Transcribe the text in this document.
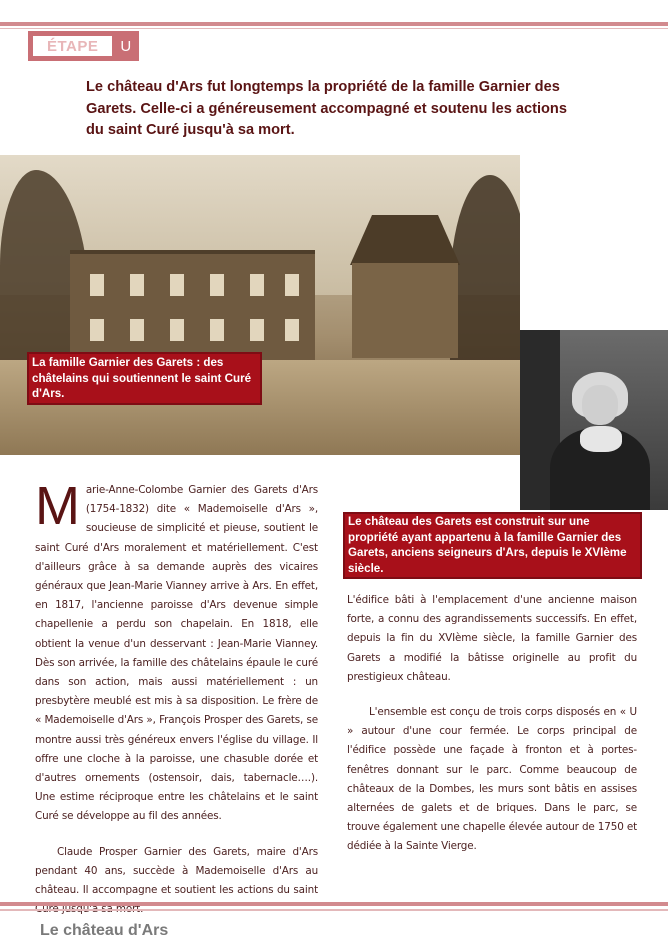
ÉTAPE	U

Le château d'Ars fut longtemps la propriété de la famille Garnier des Garets. Celle-ci a généreusement accompagné et soutenu les actions du saint Curé jusqu'à sa mort.

La famille Garnier des Garets : des châtelains qui soutiennent le saint Curé d'Ars.

Le château des Garets est construit sur une propriété ayant appartenu à la famille Garnier des Garets, anciens seigneurs d'Ars, depuis le XVIème siècle.

M arie-Anne-Colombe Garnier des Garets d'Ars (1754-1832) dite « Mademoiselle d'Ars », soucieuse de simplicité et pieuse, soutient le saint Curé d'Ars moralement et matériellement. C'est d'ailleurs grâce à sa demande auprès des vicaires généraux que Jean-Marie Vianney arrive à Ars. En effet, en 1817, l'ancienne paroisse d'Ars devenue simple chapellenie a perdu son chapelain. En 1818, elle obtient la venue d'un desservant : Jean-Marie Vianney. Dès son arrivée, la famille des châtelains épaule le curé dans son action, mais aussi matériellement : un presbytère meublé est mis à sa disposition. Le frère de « Mademoiselle d'Ars », François Prosper des Garets, se montre aussi très généreux envers l'église du village. Il offre une cloche à la paroisse, une chasuble dorée et d'autres ornements (ostensoir, dais, tabernacle….). Une estime réciproque entre les châtelains et le saint Curé se développe au fil des années.

Claude Prosper Garnier des Garets, maire d'Ars pendant 40 ans, succède à Mademoiselle d'Ars au château. Il accompagne et soutient les actions du saint

L'édifice bâti à l'emplacement d'une ancienne maison forte, a connu des agrandissements successifs. En effet, depuis la fin du XVIème siècle, la famille Garnier des Garets a modifié la bâtisse originelle au profit du prestigieux château.

L'ensemble est conçu de trois corps disposés en « U » autour d'une cour fermée. Le corps principal de l'édifice possède une façade à fronton et à portes-fenêtres donnant sur le parc. Comme beaucoup de châteaux de la Dombes, les murs sont bâtis en assises alternées de galets et de briques. Dans le parc, se trouve également une chapelle élevée autour de 1750 et dédiée à la Sainte Vierge.

Le château d'Ars
